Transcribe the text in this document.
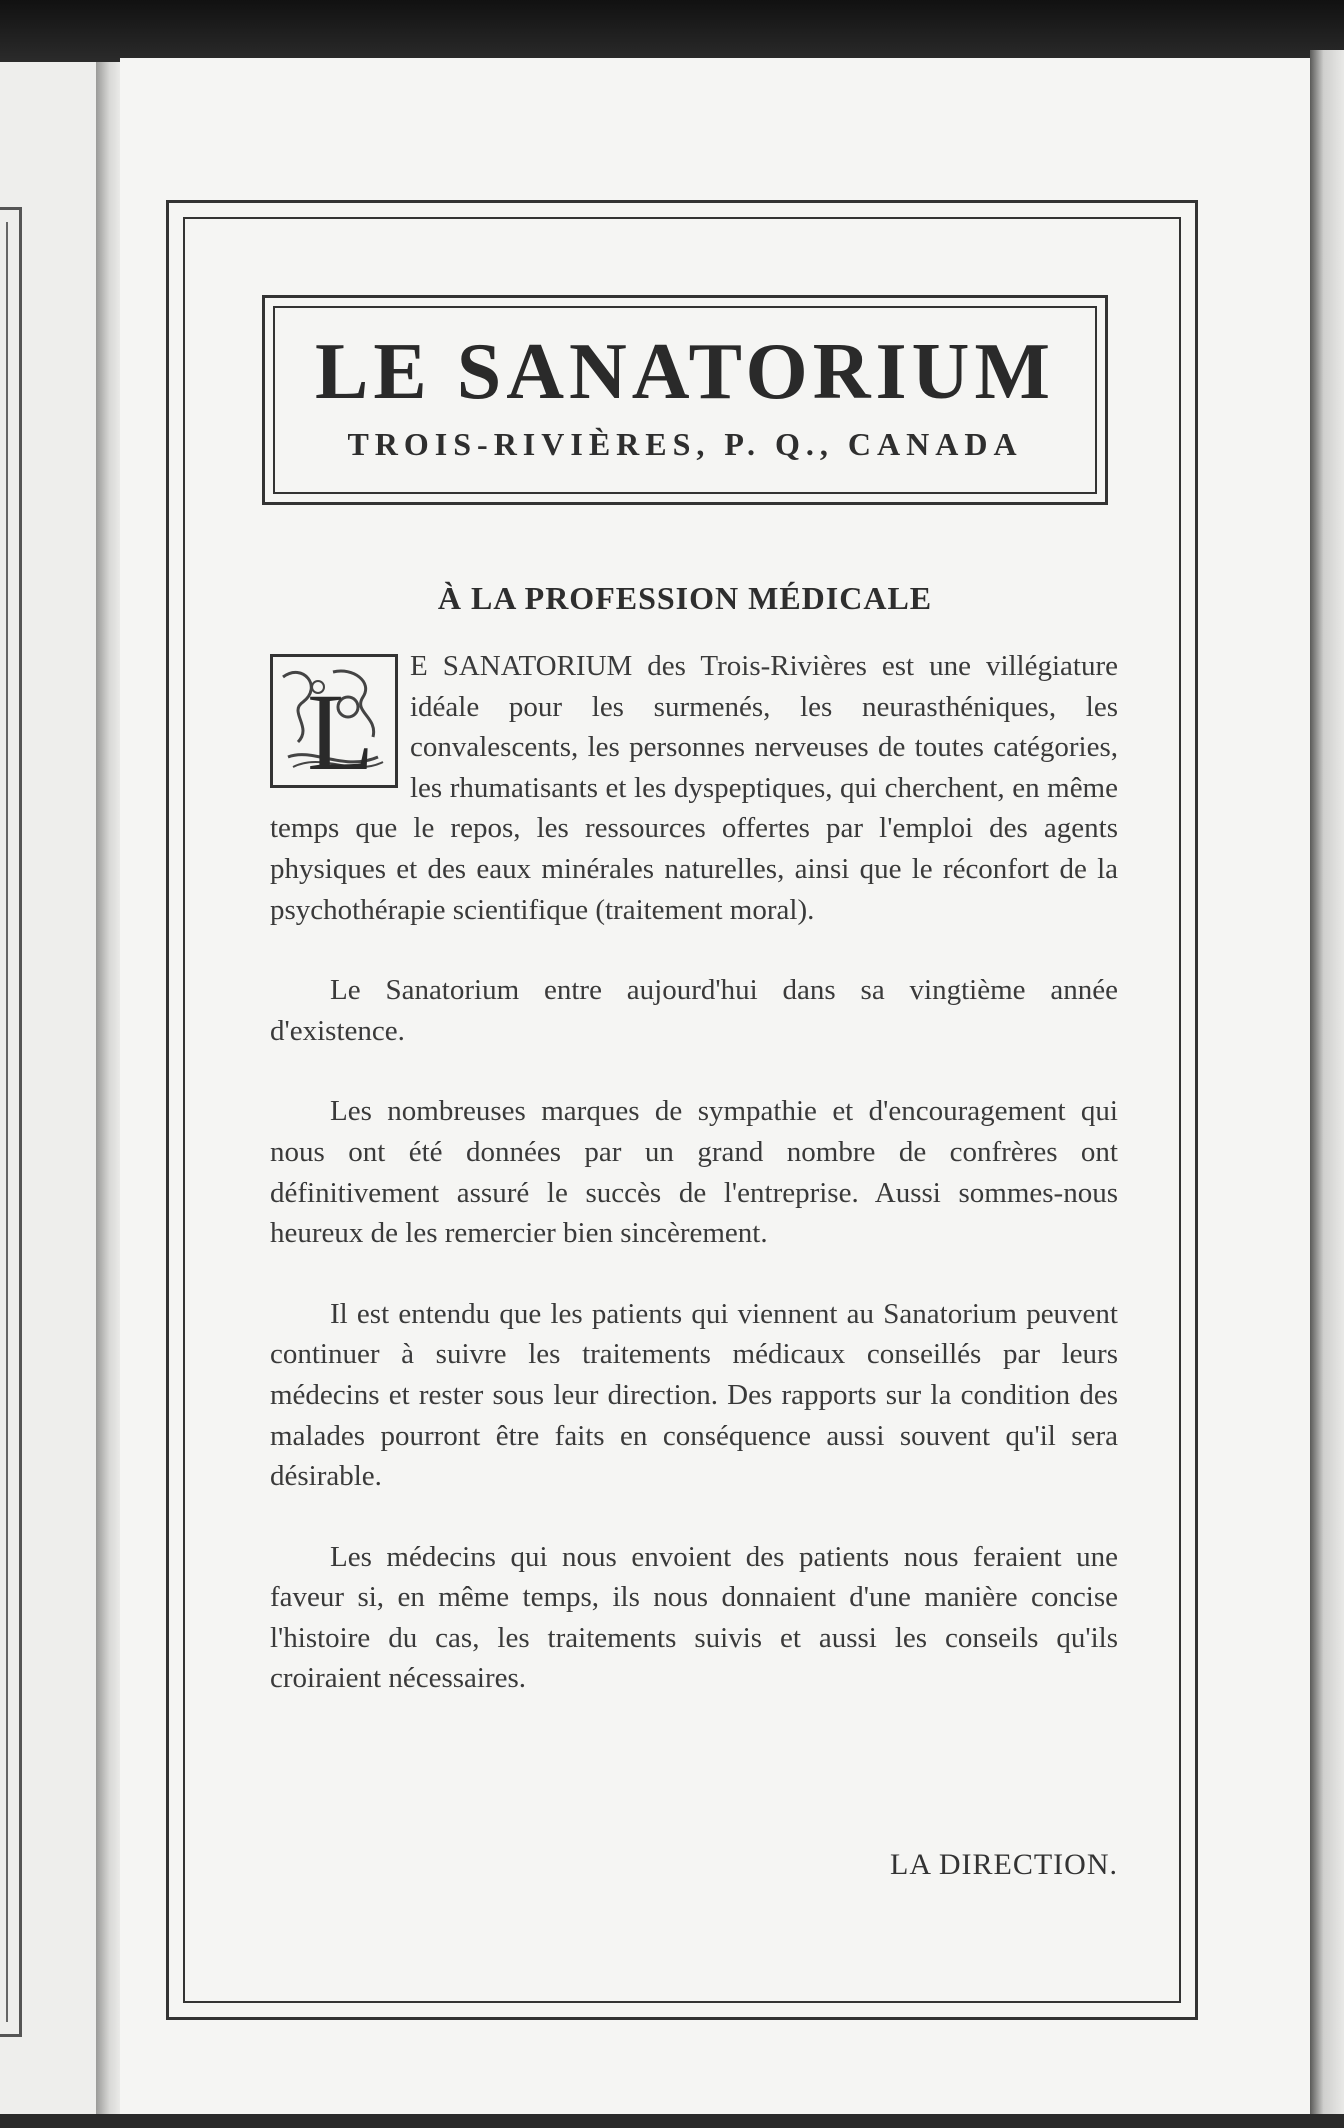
LE SANATORIUM
TROIS-RIVIÈRES, P. Q., CANADA
À LA PROFESSION MÉDICALE

L
E SANATORIUM des Trois-Rivières est une villégiature idéale pour les surmenés, les neurasthéniques, les convalescents, les personnes nerveuses de toutes catégories, les rhumatisants et les dyspeptiques, qui cherchent, en même temps que le repos, les ressources offertes par l'emploi des agents physiques et des eaux minérales naturelles, ainsi que le réconfort de la psychothérapie scientifique (traitement moral).

Le Sanatorium entre aujourd'hui dans sa vingtième année d'existence.

Les nombreuses marques de sympathie et d'encouragement qui nous ont été données par un grand nombre de confrères ont définitivement assuré le succès de l'entreprise. Aussi sommes-nous heureux de les remercier bien sincèrement.

Il est entendu que les patients qui viennent au Sanatorium peuvent continuer à suivre les traitements médicaux conseillés par leurs médecins et rester sous leur direction. Des rapports sur la condition des malades pourront être faits en conséquence aussi souvent qu'il sera désirable.

Les médecins qui nous envoient des patients nous feraient une faveur si, en même temps, ils nous donnaient d'une manière concise l'histoire du cas, les traitements suivis et aussi les conseils qu'ils croiraient nécessaires.

LA DIRECTION.
